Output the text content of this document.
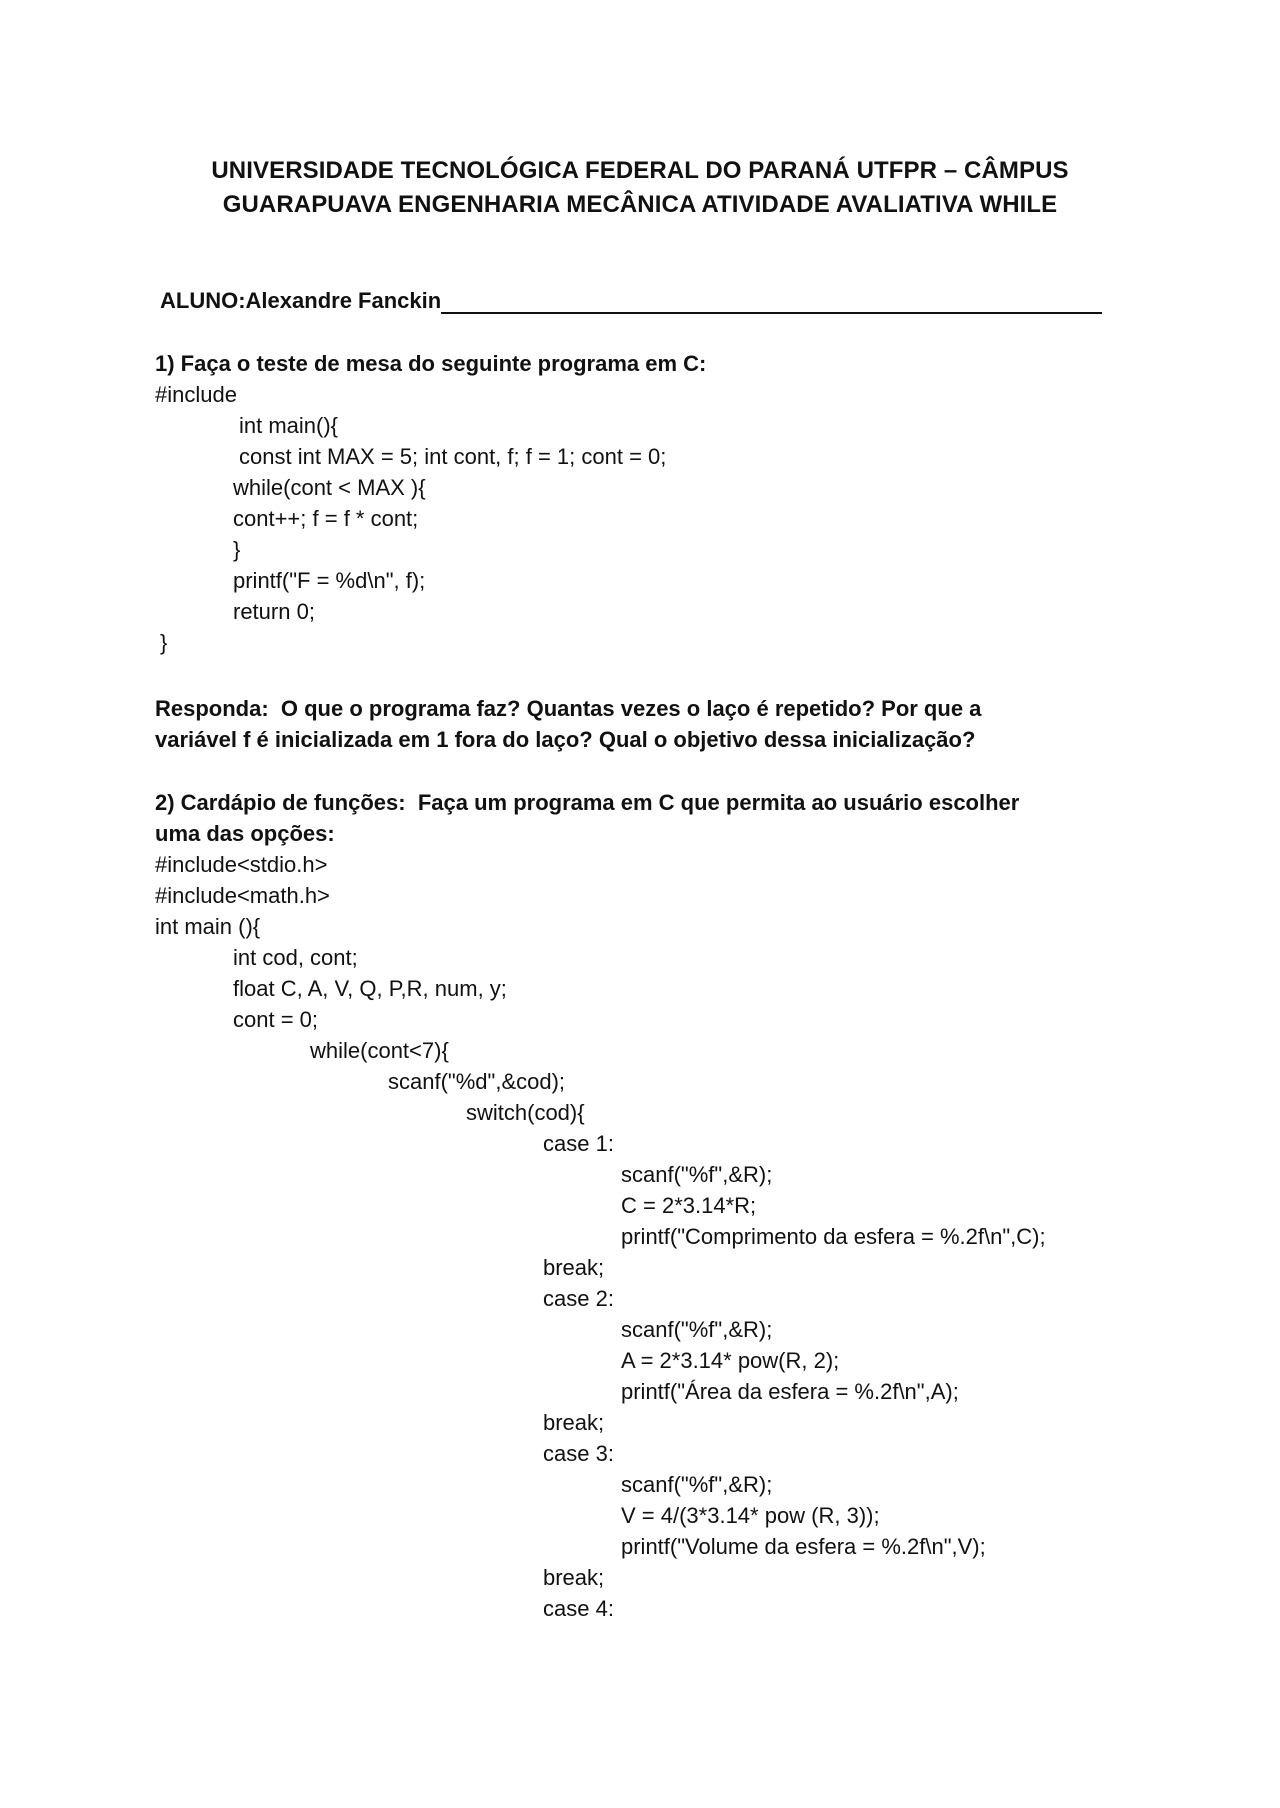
UNIVERSIDADE TECNOLÓGICA FEDERAL DO PARANÁ UTFPR – CÂMPUS
GUARAPUAVA ENGENHARIA MECÂNICA ATIVIDADE AVALIATIVA WHILE
ALUNO: Alexandre Fanckin
1) Faça o teste de mesa do seguinte programa em C:
#include
int main(){
const int MAX = 5; int cont, f; f = 1; cont = 0;
while(cont < MAX ){
cont++; f = f * cont;
}
printf("F = %d\n", f);
return 0;
}
Responda:  O que o programa faz? Quantas vezes o laço é repetido? Por que a
variável f é inicializada em 1 fora do laço? Qual o objetivo dessa inicialização?
2) Cardápio de funções:  Faça um programa em C que permita ao usuário escolher
uma das opções:
#include<stdio.h>
#include<math.h>
int main (){
int cod, cont;
float C, A, V, Q, P,R, num, y;
cont = 0;
while(cont<7){
scanf("%d",&cod);
switch(cod){
case 1:
scanf("%f",&R);
C = 2*3.14*R;
printf("Comprimento da esfera = %.2f\n",C);
break;
case 2:
scanf("%f",&R);
A = 2*3.14* pow(R, 2);
printf("Área da esfera = %.2f\n",A);
break;
case 3:
scanf("%f",&R);
V = 4/(3*3.14* pow (R, 3));
printf("Volume da esfera = %.2f\n",V);
break;
case 4:
